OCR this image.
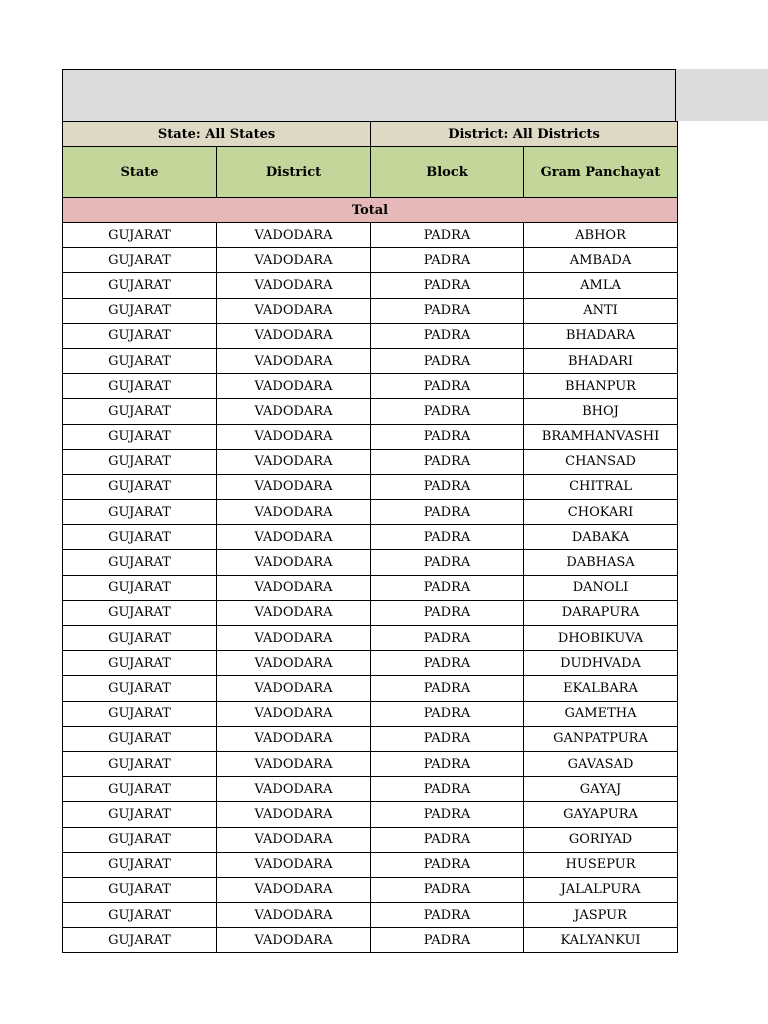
State: All States		District: All Districts	
State	District	Block	Gram Panchayat
Total			
GUJARAT	VADODARA	PADRA	ABHOR
GUJARAT	VADODARA	PADRA	AMBADA
GUJARAT	VADODARA	PADRA	AMLA
GUJARAT	VADODARA	PADRA	ANTI
GUJARAT	VADODARA	PADRA	BHADARA
GUJARAT	VADODARA	PADRA	BHADARI
GUJARAT	VADODARA	PADRA	BHANPUR
GUJARAT	VADODARA	PADRA	BHOJ
GUJARAT	VADODARA	PADRA	BRAMHANVASHI
GUJARAT	VADODARA	PADRA	CHANSAD
GUJARAT	VADODARA	PADRA	CHITRAL
GUJARAT	VADODARA	PADRA	CHOKARI
GUJARAT	VADODARA	PADRA	DABAKA
GUJARAT	VADODARA	PADRA	DABHASA
GUJARAT	VADODARA	PADRA	DANOLI
GUJARAT	VADODARA	PADRA	DARAPURA
GUJARAT	VADODARA	PADRA	DHOBIKUVA
GUJARAT	VADODARA	PADRA	DUDHVADA
GUJARAT	VADODARA	PADRA	EKALBARA
GUJARAT	VADODARA	PADRA	GAMETHA
GUJARAT	VADODARA	PADRA	GANPATPURA
GUJARAT	VADODARA	PADRA	GAVASAD
GUJARAT	VADODARA	PADRA	GAYAJ
GUJARAT	VADODARA	PADRA	GAYAPURA
GUJARAT	VADODARA	PADRA	GORIYAD
GUJARAT	VADODARA	PADRA	HUSEPUR
GUJARAT	VADODARA	PADRA	JALALPURA
GUJARAT	VADODARA	PADRA	JASPUR
GUJARAT	VADODARA	PADRA	KALYANKUI
